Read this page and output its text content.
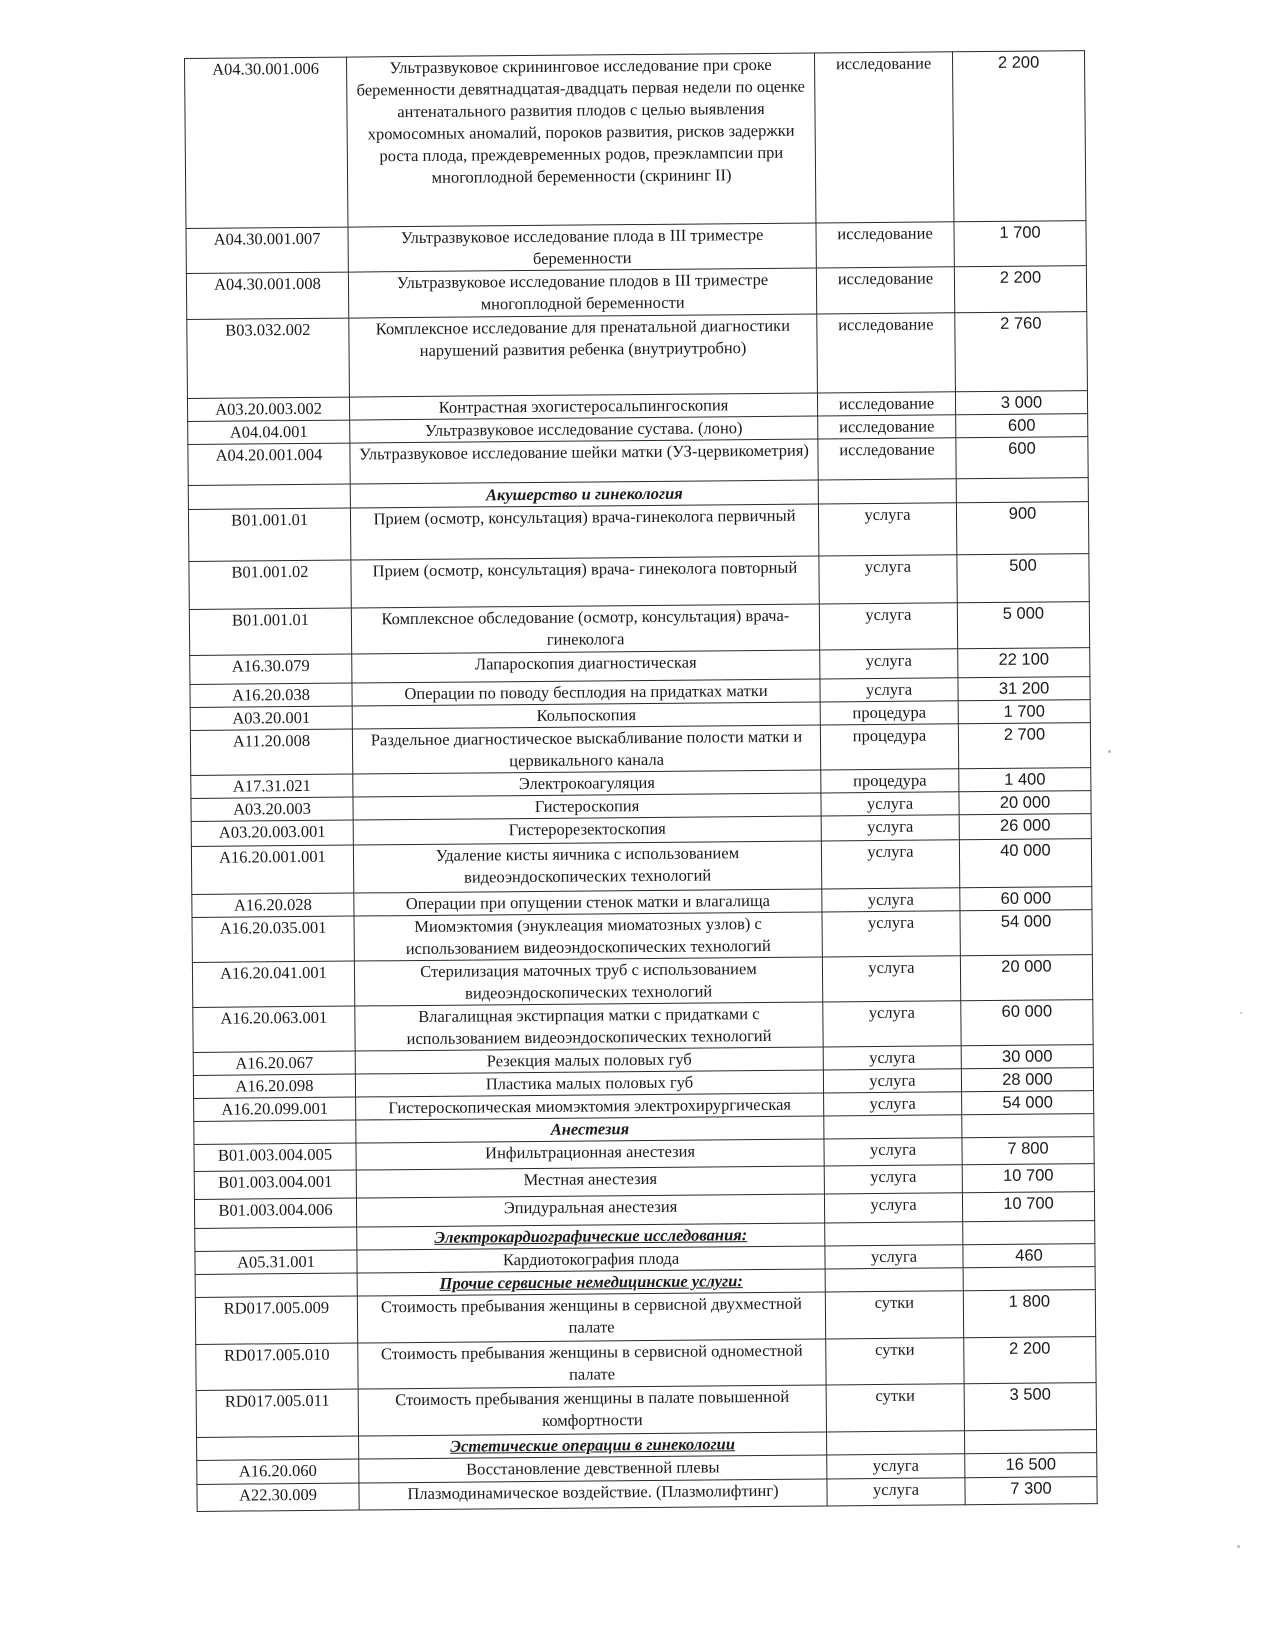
А04.30.001.006	Ультразвуковое скрининговое исследование при сроке беременности девятнадцатая-двадцать первая недели по оценке антенатального развития плодов с целью выявления хромосомных аномалий, пороков развития, рисков задержки роста плода, преждевременных родов, преэклампсии при многоплодной беременности (скрининг II)	исследование	2 200
А04.30.001.007	Ультразвуковое исследование плода в III триместре беременности	исследование	1 700
А04.30.001.008	Ультразвуковое исследование плодов в III триместре многоплодной беременности	исследование	2 200
В03.032.002	Комплексное исследование для пренатальной диагностики нарушений развития ребенка (внутриутробно)	исследование	2 760
А03.20.003.002	Контрастная эхогистеросальпингоскопия	исследование	3 000
А04.04.001	Ультразвуковое исследование сустава. (лоно)	исследование	600
А04.20.001.004	Ультразвуковое исследование шейки матки (УЗ-цервикометрия)	исследование	600
	Акушерство и гинекология		
В01.001.01	Прием (осмотр, консультация) врача-гинеколога первичный	услуга	900
В01.001.02	Прием (осмотр, консультация) врача- гинеколога повторный	услуга	500
В01.001.01	Комплексное обследование (осмотр, консультация) врача-гинеколога	услуга	5 000
А16.30.079	Лапароскопия диагностическая	услуга	22 100
А16.20.038	Операции по поводу бесплодия на придатках матки	услуга	31 200
А03.20.001	Кольпоскопия	процедура	1 700
А11.20.008	Раздельное диагностическое выскабливание полости матки и цервикального канала	процедура	2 700
А17.31.021	Электрокоагуляция	процедура	1 400
А03.20.003	Гистероскопия	услуга	20 000
А03.20.003.001	Гистерорезектоскопия	услуга	26 000
А16.20.001.001	Удаление кисты яичника с использованием видеоэндоскопических технологий	услуга	40 000
А16.20.028	Операции при опущении стенок матки и влагалища	услуга	60 000
А16.20.035.001	Миомэктомия (энуклеация миоматозных узлов) с использованием видеоэндоскопических технологий	услуга	54 000
А16.20.041.001	Стерилизация маточных труб с использованием видеоэндоскопических технологий	услуга	20 000
А16.20.063.001	Влагалищная экстирпация матки с придатками с использованием видеоэндоскопических технологий	услуга	60 000
А16.20.067	Резекция малых половых губ	услуга	30 000
А16.20.098	Пластика малых половых губ	услуга	28 000
А16.20.099.001	Гистероскопическая миомэктомия электрохирургическая	услуга	54 000
	Анестезия		
В01.003.004.005	Инфильтрационная анестезия	услуга	7 800
В01.003.004.001	Местная анестезия	услуга	10 700
В01.003.004.006	Эпидуральная анестезия	услуга	10 700
	Электрокардиографические исследования:		
А05.31.001	Кардиотокография плода	услуга	460
	Прочие сервисные немедицинские услуги:		
RD017.005.009	Стоимость пребывания женщины в сервисной двухместной палате	сутки	1 800
RD017.005.010	Стоимость пребывания женщины в сервисной одноместной палате	сутки	2 200
RD017.005.011	Стоимость пребывания женщины в палате повышенной комфортности	сутки	3 500
	Эстетические операции в гинекологии		
А16.20.060	Восстановление девственной плевы	услуга	16 500
А22.30.009	Плазмодинамическое воздействие. (Плазмолифтинг)	услуга	7 300
